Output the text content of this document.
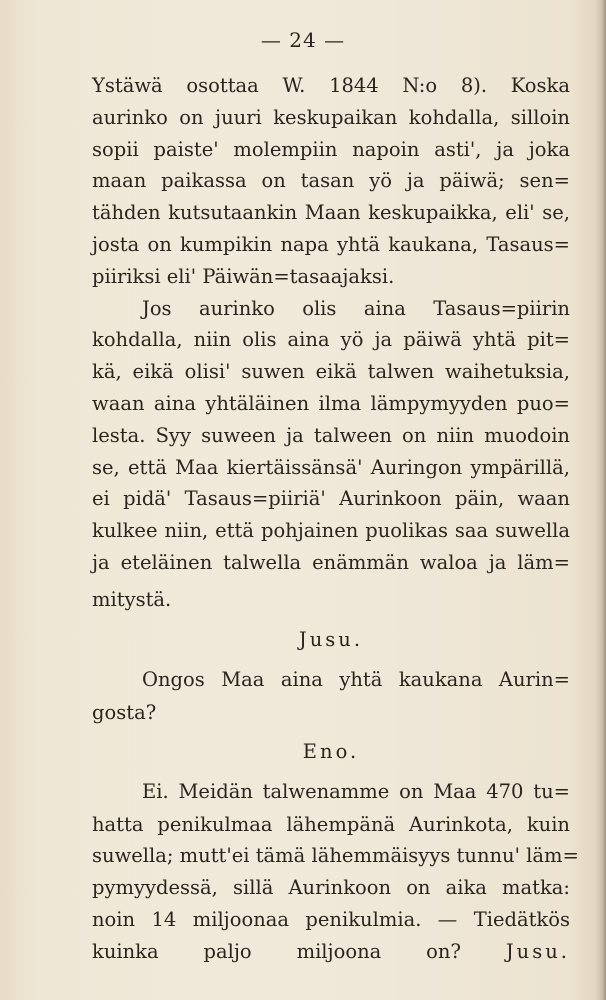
— 24 —
Ystäwä osottaa W. 1844 N:o 8). Koska
aurinko on juuri keskupaikan kohdalla, silloin
sopii paiste' molempiin napoin asti', ja joka
maan paikassa on tasan yö ja päiwä; sen=
tähden kutsutaankin Maan keskupaikka, eli' se,
josta on kumpikin napa yhtä kaukana, Tasaus=
piiriksi eli' Päiwän=tasaajaksi.
Jos aurinko olis aina Tasaus=piirin
kohdalla, niin olis aina yö ja päiwä yhtä pit=
kä, eikä olisi' suwen eikä talwen waihetuksia,
waan aina yhtäläinen ilma lämpymyyden puo=
lesta. Syy suween ja talween on niin muodoin
se, että Maa kiertäissänsä' Auringon ympärillä,
ei pidä' Tasaus=piiriä' Aurinkoon päin, waan
kulkee niin, että pohjainen puolikas saa suwella
ja eteläinen talwella enämmän waloa ja läm=
mitystä.
Jusu.
Ongos Maa aina yhtä kaukana Aurin=
gosta?
Eno.
Ei. Meidän talwenamme on Maa 470 tu=
hatta penikulmaa lähempänä Aurinkota, kuin
suwella; mutt'ei tämä lähemmäisyys tunnu' läm=
pymyydessä, sillä Aurinkoon on aika matka:
noin 14 miljoonaa penikulmia. — Tiedätkös
kuinka paljo miljoona on? Jusu.
